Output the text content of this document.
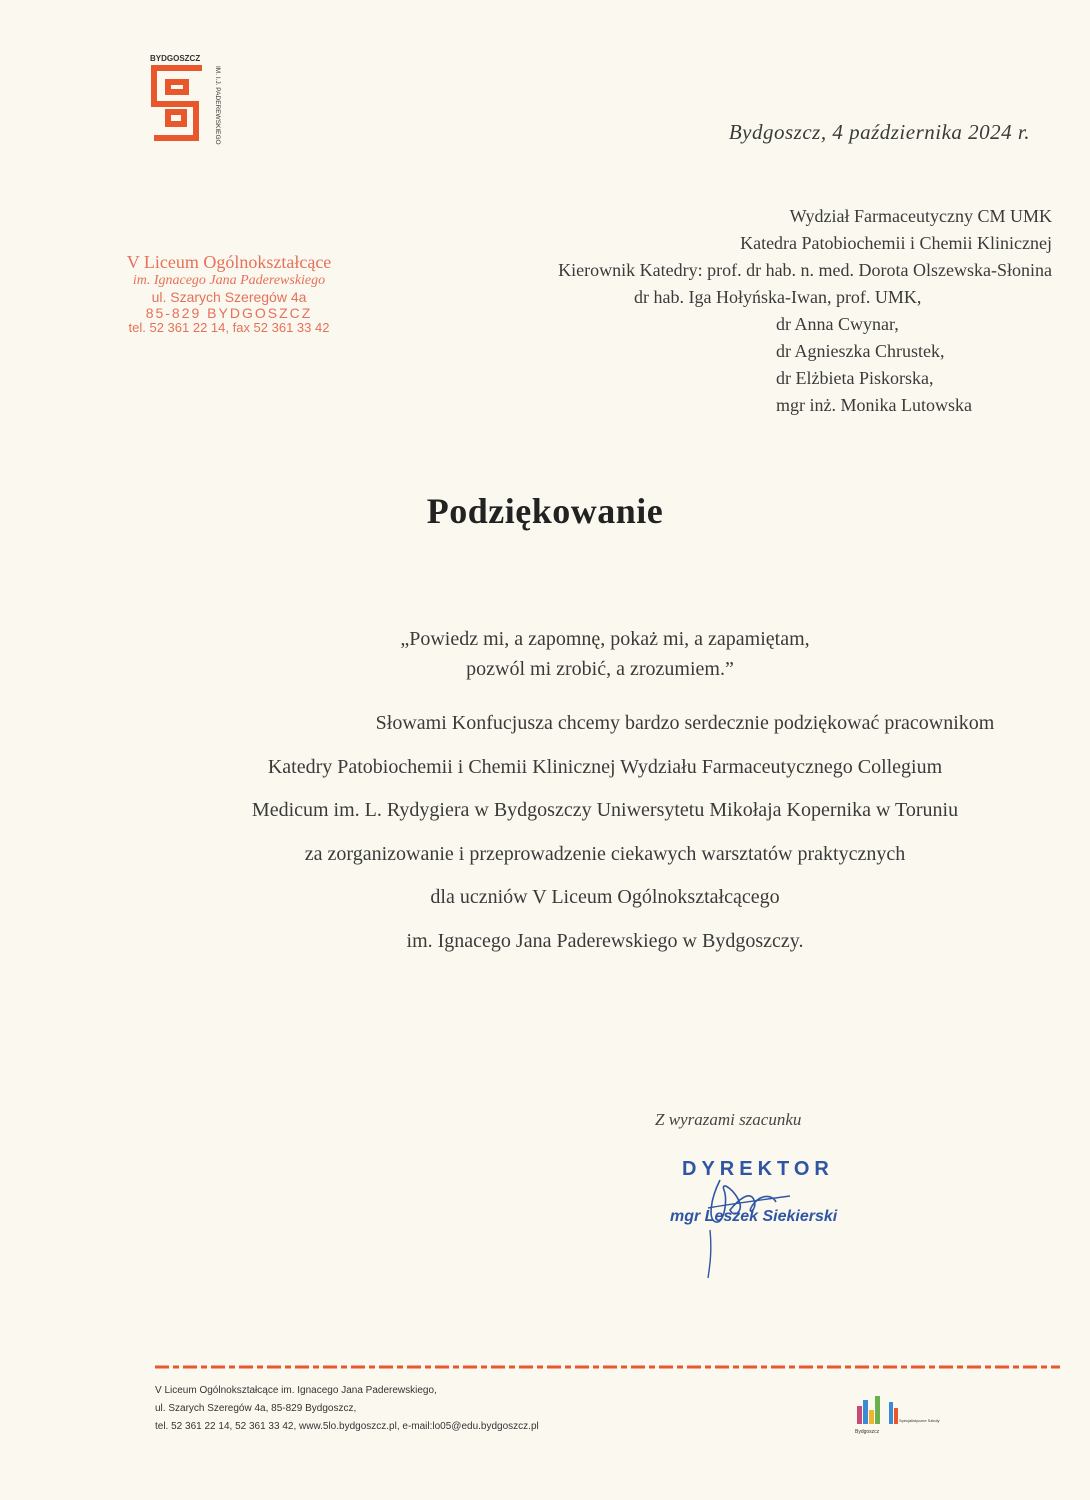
BYDGOSZCZ
IM. I.J. PADEREWSKIEGO	Bydgoszcz, 4 października 2024 r.
V Liceum Ogólnokształcące
im. Ignacego Jana Paderewskiego
ul. Szarych Szeregów 4a
85-829 BYDGOSZCZ
tel. 52 361 22 14, fax 52 361 33 42
Wydział Farmaceutyczny CM UMK
Katedra Patobiochemii i Chemii Klinicznej
Kierownik Katedry: prof. dr hab. n. med. Dorota Olszewska-Słonina
dr hab. Iga Hołyńska-Iwan, prof. UMK,
dr Anna Cwynar,
dr Agnieszka Chrustek,
dr Elżbieta Piskorska,
mgr inż. Monika Lutowska
Podziękowanie
„Powiedz mi, a zapomnę, pokaż mi, a zapamiętam,
pozwól mi zrobić, a zrozumiem.”
Słowami Konfucjusza chcemy bardzo serdecznie podziękować pracownikom
Katedry Patobiochemii i Chemii Klinicznej Wydziału Farmaceutycznego Collegium
Medicum im. L. Rydygiera w Bydgoszczy Uniwersytetu Mikołaja Kopernika w Toruniu
za zorganizowanie i przeprowadzenie ciekawych warsztatów praktycznych
dla uczniów V Liceum Ogólnokształcącego
im. Ignacego Jana Paderewskiego w Bydgoszczy.
Z wyrazami szacunku
DYREKTOR
mgr Leszek Siekierski
V Liceum Ogólnokształcące im. Ignacego Jana Paderewskiego,
ul. Szarych Szeregów 4a, 85-829 Bydgoszcz,
tel. 52 361 22 14, 52 361 33 42, www.5lo.bydgoszcz.pl, e-mail:lo05@edu.bydgoszcz.pl	Bydgoszcz
Specjalistyczne Szkoły
